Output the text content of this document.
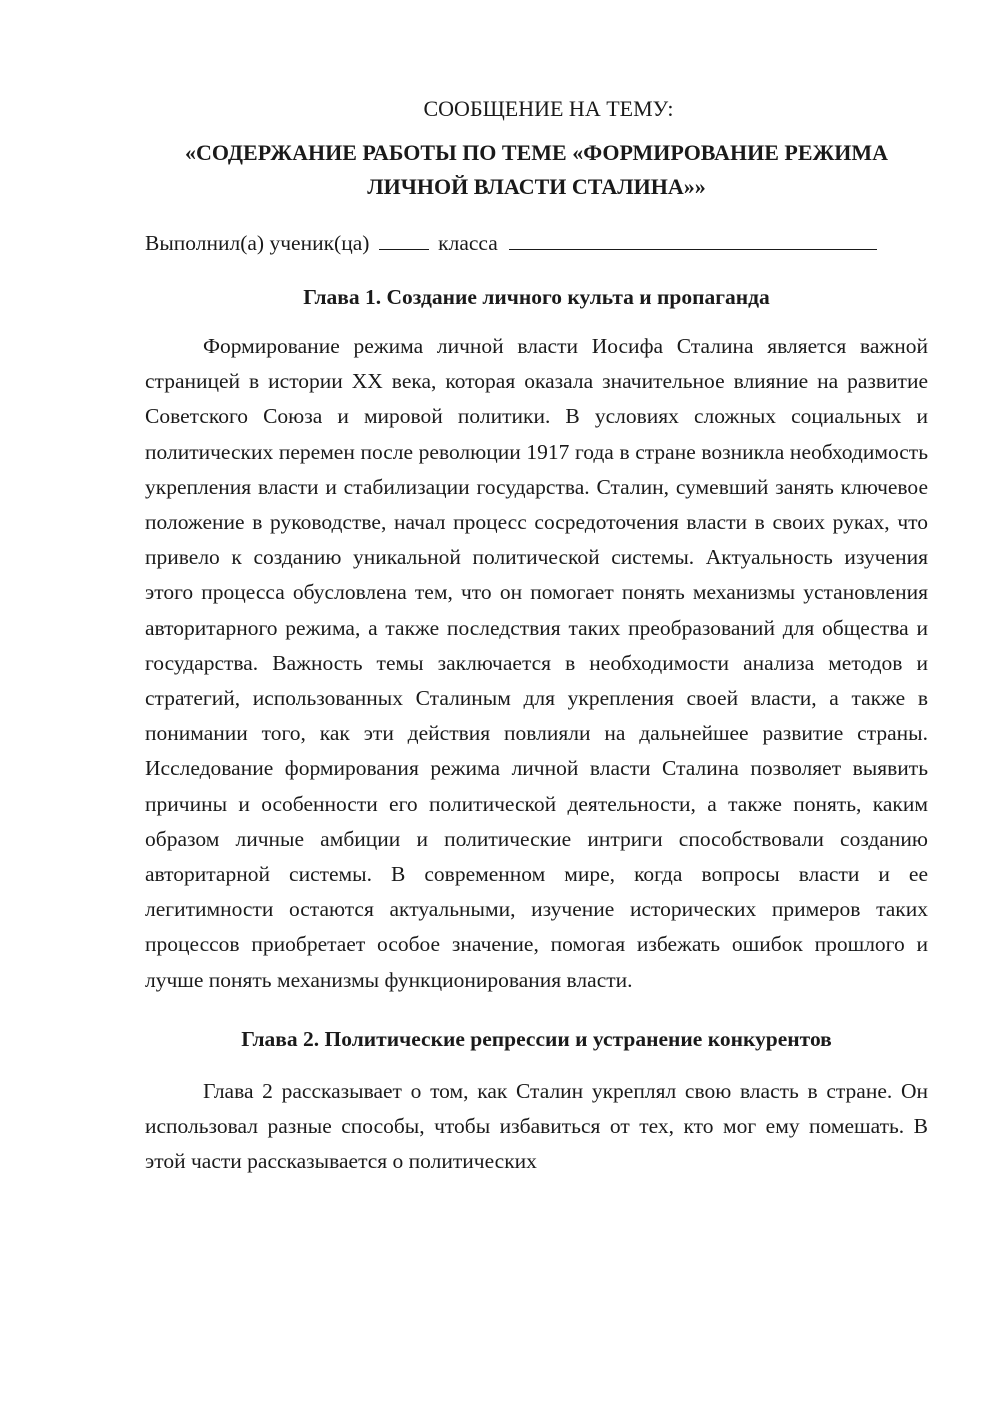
СООБЩЕНИЕ НА ТЕМУ:

«СОДЕРЖАНИЕ РАБОТЫ ПО ТЕМЕ «ФОРМИРОВАНИЕ РЕЖИМА ЛИЧНОЙ ВЛАСТИ СТАЛИНА»»

Выполнил(а) ученик(ца)	класса

Глава 1. Создание личного культа и пропаганда

Формирование режима личной власти Иосифа Сталина является важной страницей в истории XX века, которая оказала значительное влияние на развитие Советского Союза и мировой политики. В условиях сложных социальных и политических перемен после революции 1917 года в стране возникла необходимость укрепления власти и стабилизации государства. Сталин, сумевший занять ключевое положение в руководстве, начал процесс сосредоточения власти в своих руках, что привело к созданию уникальной политической системы. Актуальность изучения этого процесса обусловлена тем, что он помогает понять механизмы установления авторитарного режима, а также последствия таких преобразований для общества и государства. Важность темы заключается в необходимости анализа методов и стратегий, использованных Сталиным для укрепления своей власти, а также в понимании того, как эти действия повлияли на дальнейшее развитие страны. Исследование формирования режима личной власти Сталина позволяет выявить причины и особенности его политической деятельности, а также понять, каким образом личные амбиции и политические интриги способствовали созданию авторитарной системы. В современном мире, когда вопросы власти и ее легитимности остаются актуальными, изучение исторических примеров таких процессов приобретает особое значение, помогая избежать ошибок прошлого и лучше понять механизмы функционирования власти.

Глава 2. Политические репрессии и устранение конкурентов

Глава 2 рассказывает о том, как Сталин укреплял свою власть в стране. Он использовал разные способы, чтобы избавиться от тех, кто мог ему помешать. В этой части рассказывается о политических
